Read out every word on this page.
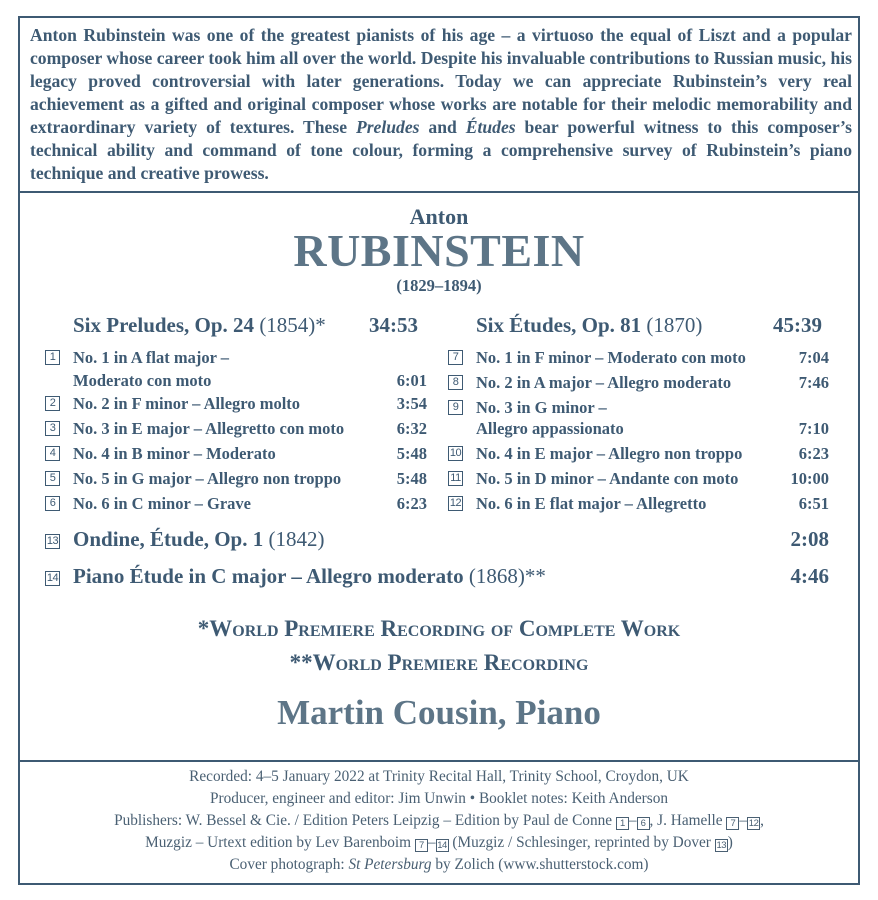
Anton Rubinstein was one of the greatest pianists of his age – a virtuoso the equal of Liszt and a popular composer whose career took him all over the world. Despite his invaluable contributions to Russian music, his legacy proved controversial with later generations. Today we can appreciate Rubinstein’s very real achievement as a gifted and original composer whose works are notable for their melodic memorability and extraordinary variety of textures. These Preludes and Études bear powerful witness to this composer’s technical ability and command of tone colour, forming a comprehensive survey of Rubinstein’s piano technique and creative prowess.

Anton
RUBINSTEIN
(1829–1894)
Six Preludes, Op. 24 (1854)* 34:53
1 No. 1 in A flat major –
Moderato con moto	6:01
2 No. 2 in F minor – Allegro molto	3:54
3 No. 3 in E major – Allegretto con moto	6:32
4 No. 4 in B minor – Moderato	5:48
5 No. 5 in G major – Allegro non troppo	5:48
6 No. 6 in C minor – Grave	6:23
Six Études, Op. 81 (1870)	45:39
7 No. 1 in F minor – Moderato con moto	7:04
8 No. 2 in A major – Allegro moderato	7:46
9 No. 3 in G minor –
Allegro appassionato	7:10
10 No. 4 in E major – Allegro non troppo	6:23
11 No. 5 in D minor – Andante con moto	10:00
12 No. 6 in E flat major – Allegretto	6:51
13 Ondine, Étude, Op. 1 (1842)	2:08
14 Piano Étude in C major – Allegro moderato (1868)**	4:46
*World Premiere Recording of Complete Work
**World Premiere Recording
Martin Cousin, Piano
Recorded: 4–5 January 2022 at Trinity Recital Hall, Trinity School, Croydon, UK
Producer, engineer and editor: Jim Unwin • Booklet notes: Keith Anderson
Publishers: W. Bessel & Cie. / Edition Peters Leipzig – Edition by Paul de Conne 1 – 6 , J. Hamelle 7 – 12 ,
Muzgiz – Urtext edition by Lev Barenboim 7 – 14 (Muzgiz / Schlesinger, reprinted by Dover 13 )
Cover photograph: St Petersburg by Zolich (www.shutterstock.com)
